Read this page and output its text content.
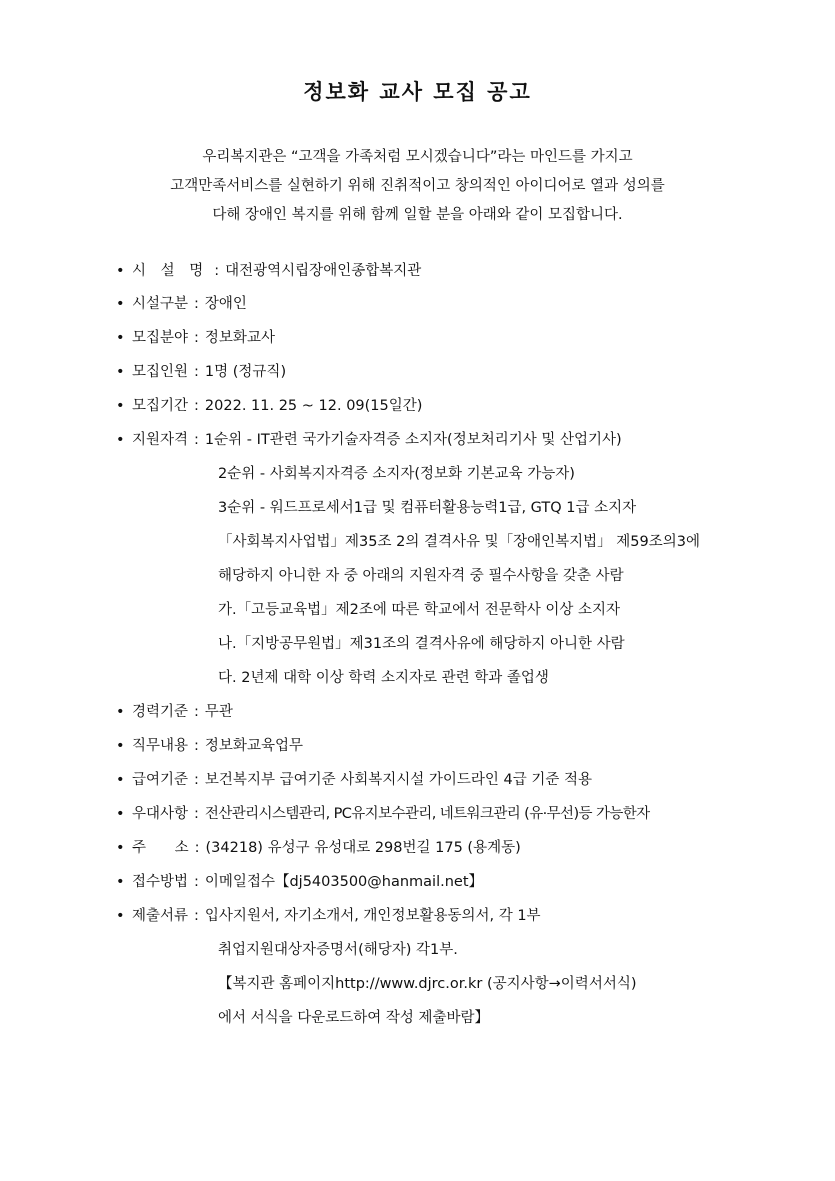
정보화 교사 모집 공고
우리복지관은 “고객을 가족처럼 모시겠습니다”라는 마인드를 가지고
고객만족서비스를 실현하기 위해 진취적이고 창의적인 아이디어로 열과 성의를
다해 장애인 복지를 위해 함께 일할 분을 아래와 같이 모집합니다.
• 시 설 명 : 대전광역시립장애인종합복지관
• 시설구분 : 장애인
• 모집분야 : 정보화교사
• 모집인원 : 1명 (정규직)
• 모집기간 : 2022. 11. 25 ~ 12. 09(15일간)
• 지원자격 : 1순위 - IT관련 국가기술자격증 소지자(정보처리기사 및 산업기사)
2순위 - 사회복지자격증 소지자(정보화 기본교육 가능자)
3순위 - 워드프로세서1급 및 컴퓨터활용능력1급, GTQ 1급 소지자
「사회복지사업법」제35조 2의 결격사유 및「장애인복지법」 제59조의3에
해당하지 아니한 자 중 아래의 지원자격 중 필수사항을 갖춘 사람
가.「고등교육법」제2조에 따른 학교에서 전문학사 이상 소지자
나.「지방공무원법」제31조의 결격사유에 해당하지 아니한 사람
다. 2년제 대학 이상 학력 소지자로 관련 학과 졸업생
• 경력기준 : 무관
• 직무내용 : 정보화교육업무
• 급여기준 : 보건복지부 급여기준 사회복지시설 가이드라인 4급 기준 적용
• 우대사항 : 전산관리시스템관리, PC유지보수관리, 네트워크관리 (유·무선)등 가능한자
• 주 소 : (34218) 유성구 유성대로 298번길 175 (용계동)
• 접수방법 : 이메일접수【dj5403500@hanmail.net】
• 제출서류 : 입사지원서, 자기소개서, 개인정보활용동의서, 각 1부
취업지원대상자증명서(해당자) 각1부.
【복지관 홈페이지http://www.djrc.or.kr (공지사항→이력서서식)
에서 서식을 다운로드하여 작성 제출바람】
